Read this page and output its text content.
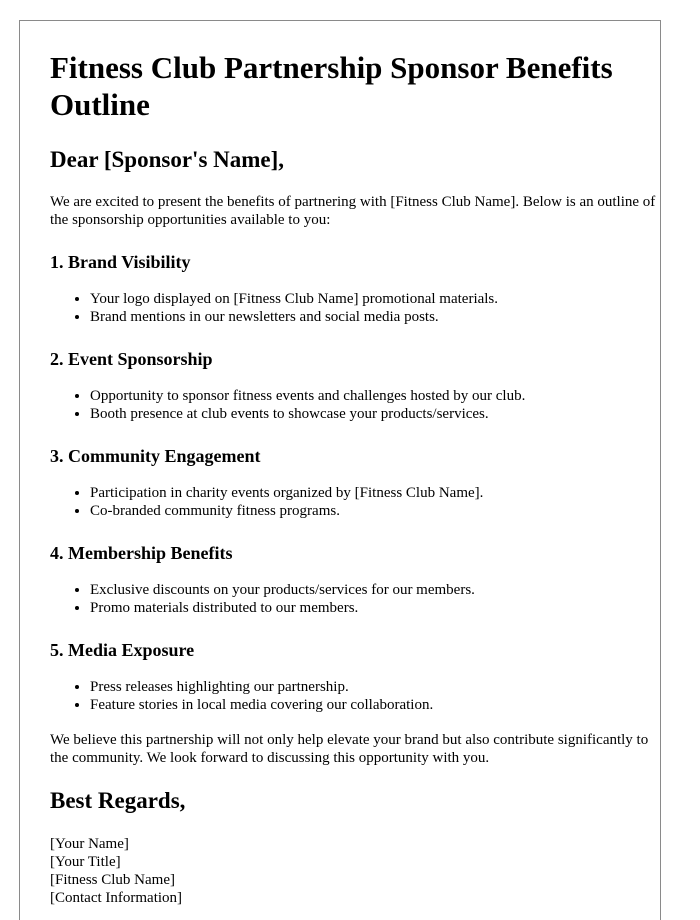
Fitness Club Partnership Sponsor Benefits Outline
Dear [Sponsor's Name],

We are excited to present the benefits of partnering with [Fitness Club Name]. Below is an outline of the sponsorship opportunities available to you:

1. Brand Visibility
• Your logo displayed on [Fitness Club Name] promotional materials.
• Brand mentions in our newsletters and social media posts.
2. Event Sponsorship
• Opportunity to sponsor fitness events and challenges hosted by our club.
• Booth presence at club events to showcase your products/services.
3. Community Engagement
• Participation in charity events organized by [Fitness Club Name].
• Co-branded community fitness programs.
4. Membership Benefits
• Exclusive discounts on your products/services for our members.
• Promo materials distributed to our members.
5. Media Exposure
• Press releases highlighting our partnership.
• Feature stories in local media covering our collaboration.

We believe this partnership will not only help elevate your brand but also contribute significantly to the community. We look forward to discussing this opportunity with you.

Best Regards,
[Your Name]
[Your Title]
[Fitness Club Name]
[Contact Information]
